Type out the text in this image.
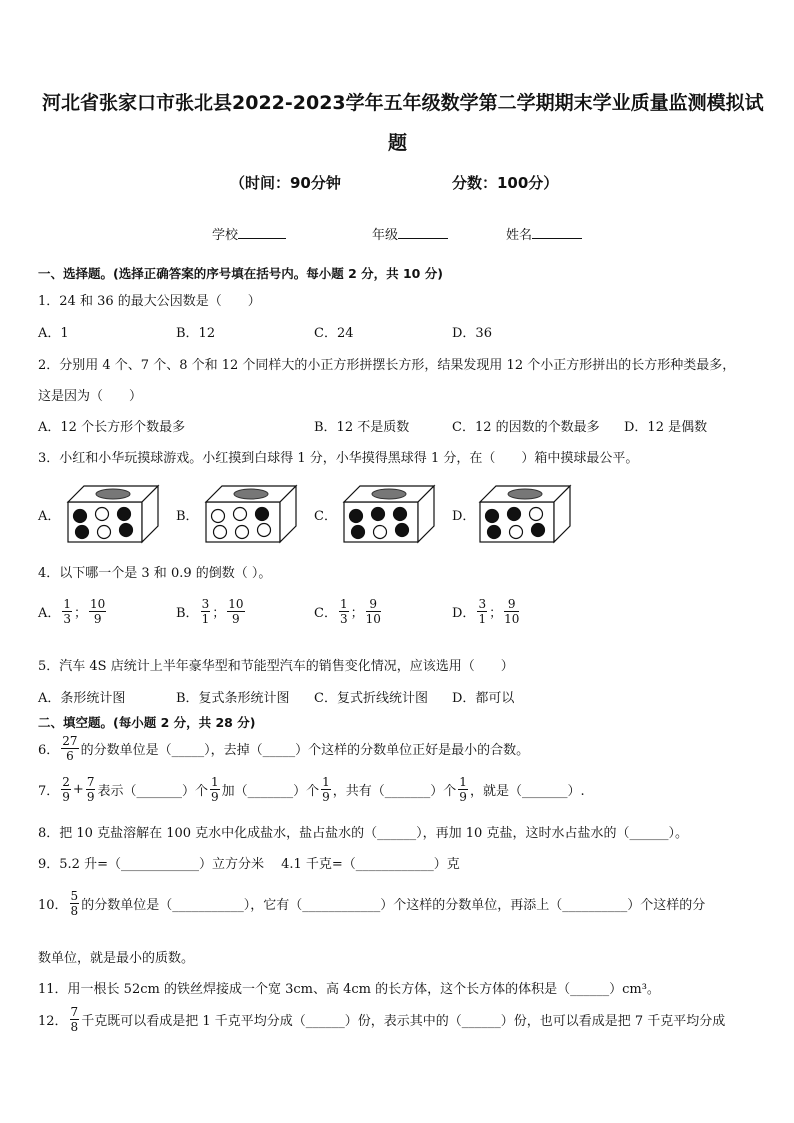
河北省张家口市张北县2022-2023学年五年级数学第二学期期末学业质量监测模拟试
题
（时间：90分钟	分数：100分）
学校	年级	姓名
一、选择题。(选择正确答案的序号填在括号内。每小题 2 分，共 10 分)
1．24 和 36 的最大公因数是（　　）
A．1	B．12	C．24	D．36
2．分别用 4 个、7 个、8 个和 12 个同样大的小正方形拼摆长方形，结果发现用 12 个小正方形拼出的长方形种类最多，
这是因为（　　）
A．12 个长方形个数最多	B．12 不是质数	C．12 的因数的个数最多 D．12 是偶数
3．小红和小华玩摸球游戏。小红摸到白球得 1 分，小华摸得黑球得 1 分，在（　　）箱中摸球最公平。
A．	B．	C．	D．
4．以下哪一个是 3 和 0.9 的倒数（ ）。
A． $\frac{1}{3}$ ； $\frac{10}{9}$	B． $\frac{3}{1}$ ； $\frac{10}{9}$	C． $\frac{1}{3}$ ； $\frac{9}{10}$	D． $\frac{3}{1}$ ； $\frac{9}{10}$
5．汽车 4S 店统计上半年豪华型和节能型汽车的销售变化情况，应该选用（　　）
A．条形统计图	B．复式条形统计图 C．复式折线统计图 D．都可以
二、填空题。(每小题 2 分，共 28 分)
6． $\frac{27}{6}$ 的分数单位是（_____），去掉（_____）个这样的分数单位正好是最小的合数。
7． $\frac{2}{9} + \frac{7}{9}$ 表示（_______）个 $\frac{1}{9}$ 加（_______）个 $\frac{1}{9}$ ，共有（_______）个 $\frac{1}{9}$ ，就是（_______）.
8．把 10 克盐溶解在 100 克水中化成盐水，盐占盐水的（______），再加 10 克盐，这时水占盐水的（______）。
9．5.2 升=（____________）立方分米　 4.1 千克=（____________）克
10． $\frac{5}{8}$ 的分数单位是（___________），它有（____________）个这样的分数单位，再添上（__________）个这样的分
数单位，就是最小的质数。
11．用一根长 52cm 的铁丝焊接成一个宽 3cm、高 4cm 的长方体，这个长方体的体积是（______）cm³。
12． $\frac{7}{8}$ 千克既可以看成是把 1 千克平均分成（______）份，表示其中的（______）份，也可以看成是把 7 千克平均分成
